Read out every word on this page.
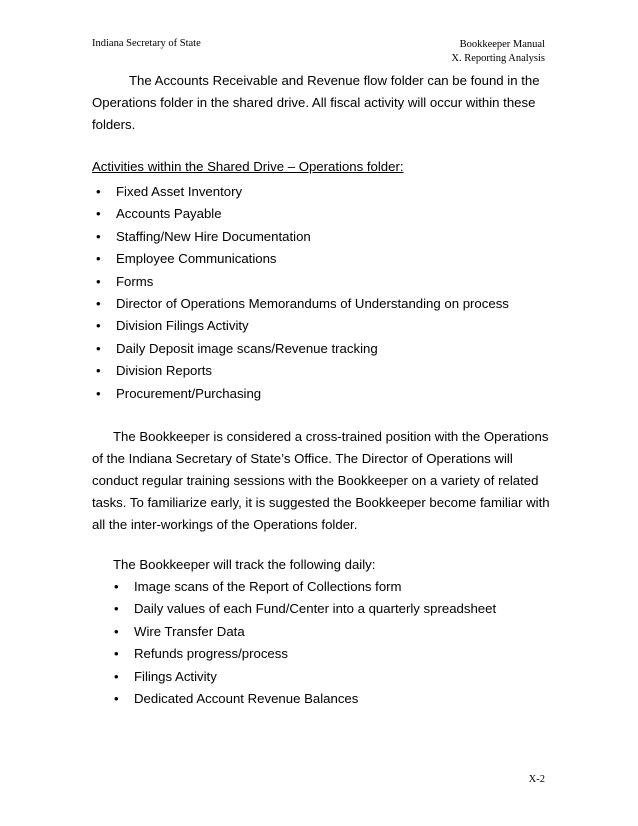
Indiana Secretary of State	Bookkeeper Manual
X. Reporting Analysis

The Accounts Receivable and Revenue flow folder can be found in the Operations folder in the shared drive. All fiscal activity will occur within these folders.

Activities within the Shared Drive – Operations folder:
• Fixed Asset Inventory
• Accounts Payable
• Staffing/New Hire Documentation
• Employee Communications
• Forms
• Director of Operations Memorandums of Understanding on process
• Division Filings Activity
• Daily Deposit image scans/Revenue tracking
• Division Reports
• Procurement/Purchasing

The Bookkeeper is considered a cross-trained position with the Operations of the Indiana Secretary of State’s Office. The Director of Operations will conduct regular training sessions with the Bookkeeper on a variety of related tasks. To familiarize early, it is suggested the Bookkeeper become familiar with all the inter-workings of the Operations folder.

The Bookkeeper will track the following daily:

• Image scans of the Report of Collections form
• Daily values of each Fund/Center into a quarterly spreadsheet
• Wire Transfer Data
• Refunds progress/process
• Filings Activity
• Dedicated Account Revenue Balances
X-2
